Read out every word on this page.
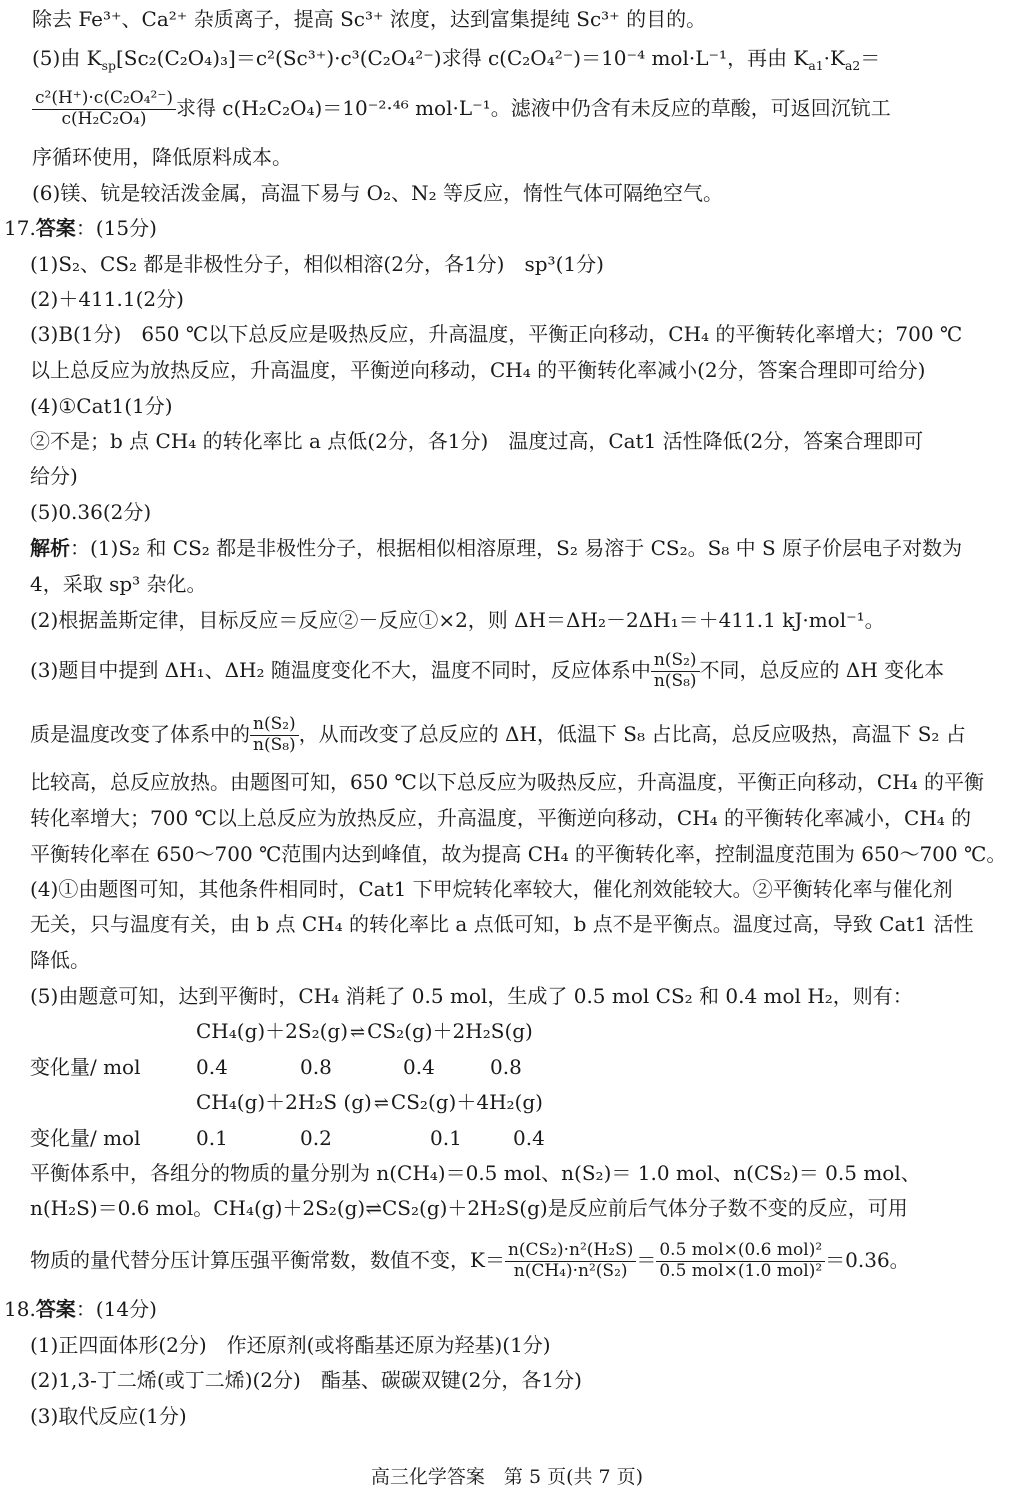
除去 Fe³⁺、Ca²⁺ 杂质离子，提高 Sc³⁺ 浓度，达到富集提纯 Sc³⁺ 的目的。
(5)由 $K_{sp}[Sc_2(C_2O_4)_3]=c^2(Sc^{3+})\cdot c^3(C_2O_4^{2-})$求得 c(C₂O₄²⁻)＝10⁻⁴ mol·L⁻¹，再由 $K_{a1}\cdot K_{a2}=$
$\frac{\text{c²(H⁺)·c(C₂O₄²⁻)}}{\text{c(H₂C₂O₄)}}$ 求得 c(H₂C₂O₄)＝10⁻²·⁴⁶ mol·L⁻¹。滤液中仍含有未反应的草酸，可返回沉钪工
序循环使用，降低原料成本。
(6)镁、钪是较活泼金属，高温下易与 O₂、N₂ 等反应，惰性气体可隔绝空气。
17.答案：(15分)
(1)S₂、CS₂ 都是非极性分子，相似相溶(2分，各1分)　sp³(1分)
(2)＋411.1(2分)
(3)B(1分)　650 ℃以下总反应是吸热反应，升高温度，平衡正向移动，CH₄ 的平衡转化率增大；700 ℃
以上总反应为放热反应，升高温度，平衡逆向移动，CH₄ 的平衡转化率减小(2分，答案合理即可给分)
(4)①Cat1(1分)
②不是；b 点 CH₄ 的转化率比 a 点低(2分，各1分)　温度过高，Cat1 活性降低(2分，答案合理即可
给分)
(5)0.36(2分)
解析：(1)S₂ 和 CS₂ 都是非极性分子，根据相似相溶原理，S₂ 易溶于 CS₂。S₈ 中 S 原子价层电子对数为
4，采取 sp³ 杂化。
(2)根据盖斯定律，目标反应＝反应②－反应①×2，则 ΔH＝ΔH₂－2ΔH₁＝＋411.1 kJ·mol⁻¹。
(3)题目中提到 ΔH₁、ΔH₂ 随温度变化不大，温度不同时，反应体系中 $\frac{\text{n(S₂)}}{\text{n(S₈)}}$ 不同，总反应的 ΔH 变化本
质是温度改变了体系中的 $\frac{\text{n(S₂)}}{\text{n(S₈)}}$ ，从而改变了总反应的 ΔH，低温下 S₈ 占比高，总反应吸热，高温下 S₂ 占
比较高，总反应放热。由题图可知，650 ℃以下总反应为吸热反应，升高温度，平衡正向移动，CH₄ 的平衡
转化率增大；700 ℃以上总反应为放热反应，升高温度，平衡逆向移动，CH₄ 的平衡转化率减小，CH₄ 的
平衡转化率在 650～700 ℃范围内达到峰值，故为提高 CH₄ 的平衡转化率，控制温度范围为 650～700 ℃。
(4)①由题图可知，其他条件相同时，Cat1 下甲烷转化率较大，催化剂效能较大。②平衡转化率与催化剂
无关，只与温度有关，由 b 点 CH₄ 的转化率比 a 点低可知，b 点不是平衡点。温度过高，导致 Cat1 活性
降低。
(5)由题意可知，达到平衡时，CH₄ 消耗了 0.5 mol，生成了 0.5 mol CS₂ 和 0.4 mol H₂，则有：
CH₄(g)＋2S₂(g) ⇌ CS₂(g)＋2H₂S(g)
变化量/ mol	0.4	0.8	0.4	0.8
CH₄(g)＋2H₂S (g) ⇌ CS₂(g)＋4H₂(g)
变化量/ mol	0.1	0.2	0.1	0.4
平衡体系中，各组分的物质的量分别为 n(CH₄)＝0.5 mol、n(S₂)＝ 1.0 mol、n(CS₂)＝ 0.5 mol、
n(H₂S)＝0.6 mol。CH₄(g)＋2S₂(g)⇌CS₂(g)＋2H₂S(g)是反应前后气体分子数不变的反应，可用
物质的量代替分压计算压强平衡常数，数值不变，$K= \frac{\text{n(CS₂)·n²(H₂S)}}{\text{n(CH₄)·n²(S₂)}} = \frac{\text{0.5 mol×(0.6 mol)²}}{\text{0.5 mol×(1.0 mol)²}} =0.36$。
18.答案：(14分)
(1)正四面体形(2分)　作还原剂(或将酯基还原为羟基)(1分)
(2)1,3-丁二烯(或丁二烯)(2分)　酯基、碳碳双键(2分，各1分)
(3)取代反应(1分)
高三化学答案　第 5 页(共 7 页)
